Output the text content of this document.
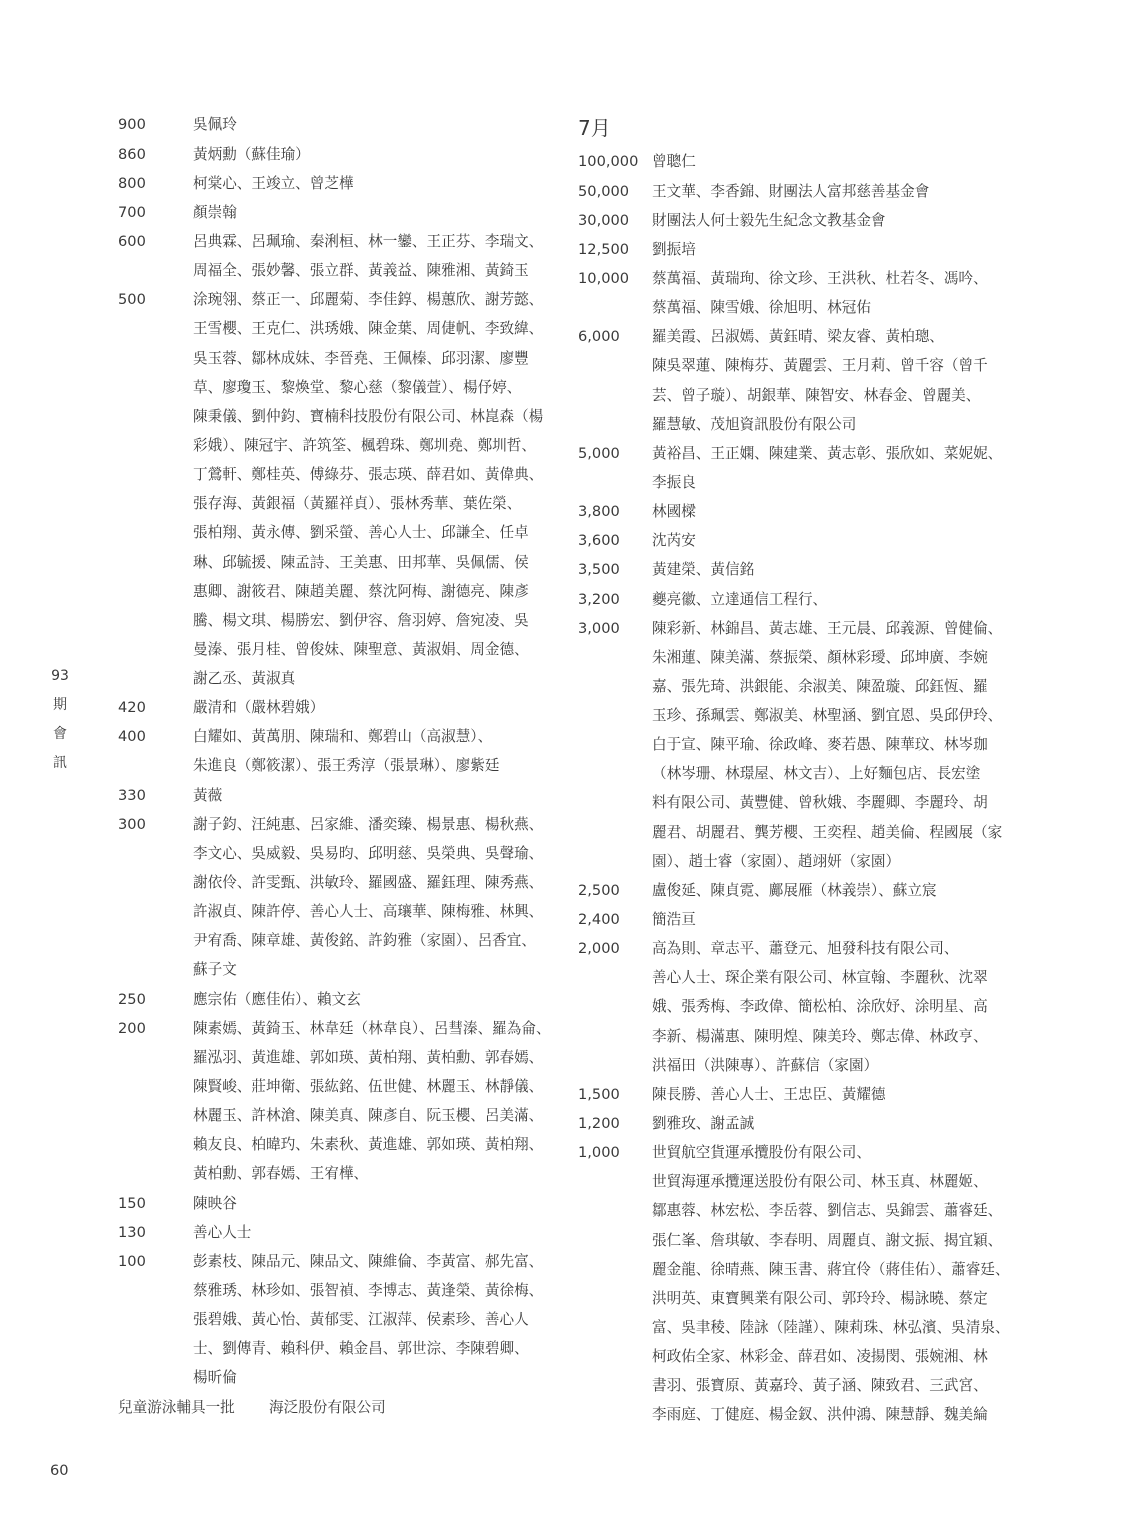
900	吳佩玲
860	黃炳勳（蘇佳瑜）
800	柯棠心、王竣立、曾芝樺
700	顏崇翰
600	呂典霖、呂珮瑜、秦浰桓、林一鑾、王正芬、李瑞文、
周福全、張妙馨、張立群、黃義益、陳雅湘、黃錡玉
500	涂琬翎、蔡正一、邱麗菊、李佳錞、楊蕙欣、謝芳懿、
王雪櫻、王克仁、洪琇娥、陳金葉、周倢帆、李致緯、
吳玉蓉、鄒林成妹、李晉堯、王佩榛、邱羽潔、廖豐
草、廖瓊玉、黎煥堂、黎心慈（黎儀萱）、楊伃婷、
陳秉儀、劉仲鈞、寶楠科技股份有限公司、林崑森（楊
彩娥）、陳冠宇、許筑筌、楓碧珠、鄭圳堯、鄭圳哲、
丁鶯軒、鄭桂英、傅綠芬、張志瑛、薛君如、黃偉典、
張存海、黃銀福（黃羅祥貞）、張林秀華、葉佐榮、
張柏翔、黃永傳、劉采螢、善心人士、邱謙全、任卓
琳、邱毓援、陳孟詩、王美惠、田邦華、吳佩儒、侯
惠卿、謝筱君、陳趙美麗、蔡沈阿梅、謝德亮、陳彥
騰、楊文琪、楊勝宏、劉伊容、詹羽婷、詹宛凌、吳
曼溱、張月桂、曾俊妹、陳聖意、黃淑娟、周金德、
謝乙丞、黃淑真
420	嚴清和（嚴林碧娥）
400	白耀如、黃萬朋、陳瑞和、鄭碧山（高淑慧）、
朱進良（鄭筱潔）、張王秀淳（張景琳）、廖紫廷
330	黃薇
300	謝子鈞、汪純惠、呂家維、潘奕臻、楊景惠、楊秋燕、
李文心、吳威毅、吳易昀、邱明慈、吳榮典、吳聲瑜、
謝依伶、許雯甄、洪敏玲、羅國盛、羅鈺理、陳秀燕、
許淑貞、陳許停、善心人士、高瓖華、陳梅雅、林興、
尹宥喬、陳章雄、黃俊銘、許鈞雅（家園）、呂香宜、
蘇子文
250	應宗佑（應佳佑）、賴文玄
200	陳素嫣、黃錡玉、林韋廷（林韋良）、呂彗溱、羅為侖、
羅泓羽、黃進雄、郭如瑛、黃柏翔、黃柏勳、郭春嫣、
陳賢峻、莊坤衛、張紘銘、伍世健、林麗玉、林靜儀、
林麗玉、許林滄、陳美真、陳彥自、阮玉櫻、呂美滿、
賴友良、柏暐玓、朱素秋、黃進雄、郭如瑛、黃柏翔、
黃柏勳、郭春嫣、王宥樺、
150	陳映谷
130	善心人士
100	彭素枝、陳品元、陳品文、陳維倫、李黃富、郝先富、
蔡雅琇、林珍如、張智禎、李博志、黃逢榮、黃徐梅、
張碧娥、黃心怡、黃郁雯、江淑萍、侯素珍、善心人
士、劉傳青、賴科伊、賴金昌、郭世淙、李陳碧卿、
楊昕倫
兒童游泳輔具一批 海泛股份有限公司
7月
100,000 曾聰仁
50,000 王文華、李香錦、財團法人富邦慈善基金會
30,000 財團法人何士毅先生紀念文教基金會
12,500 劉振培
10,000 蔡萬福、黃瑞珣、徐文珍、王洪秋、杜若冬、馮吟、
蔡萬福、陳雪娥、徐旭明、林冠佑
6,000 羅美霞、呂淑嫣、黃鈺晴、梁友睿、黃柏璁、
陳吳翠蓮、陳梅芬、黃麗雲、王月莉、曾千容（曾千
芸、曾子璇）、胡銀華、陳智安、林春金、曾麗美、
羅慧敏、茂旭資訊股份有限公司
5,000 黃裕昌、王正嫻、陳建業、黃志彰、張欣如、菜妮妮、
李振良
3,800 林國樑
3,600 沈芮安
3,500 黃建榮、黃信銘
3,200 夔亮徽、立達通信工程行、
3,000 陳彩新、林錦昌、黃志雄、王元晨、邱義源、曾健倫、
朱湘蓮、陳美滿、蔡振榮、顏林彩璦、邱坤廣、李婉
嘉、張先琦、洪銀能、余淑美、陳盈璇、邱鈺恆、羅
玉珍、孫珮雲、鄭淑美、林聖涵、劉宜恩、吳邱伊玲、
白于宣、陳平瑜、徐政峰、麥若愚、陳華玟、林岑珈
（林岑珊、林璟屋、林文吉）、上好麵包店、長宏塗
料有限公司、黃豐健、曾秋娥、李麗卿、李麗玲、胡
麗君、胡麗君、龔芳櫻、王奕程、趙美倫、程國展（家
園）、趙士睿（家園）、趙翊妍（家園）
2,500 盧俊延、陳貞霓、鄺展雁（林義崇）、蘇立宸
2,400 簡浩亘
2,000 高為則、章志平、蕭登元、旭發科技有限公司、
善心人士、琛企業有限公司、林宣翰、李麗秋、沈翠
娥、張秀梅、李政偉、簡松柏、涂欣妤、涂明星、高
李新、楊滿惠、陳明煌、陳美玲、鄭志偉、林政亨、
洪福田（洪陳專）、許蘇信（家園）
1,500 陳長勝、善心人士、王忠臣、黃耀德
1,200 劉雅玫、謝孟誠
1,000 世貿航空貨運承攬股份有限公司、
世貿海運承攬運送股份有限公司、林玉真、林麗姬、
鄒惠蓉、林宏松、李岳蓉、劉信志、吳錦雲、蕭睿廷、
張仁峯、詹琪敏、李春明、周麗貞、謝文振、揭宜穎、
麗金龍、徐晴燕、陳玉書、蔣宜伶（蔣佳佑）、蕭睿廷、
洪明英、東寶興業有限公司、郭玲玲、楊詠曉、蔡定
富、吳聿稜、陸詠（陸謹）、陳莉珠、林弘濱、吳清泉、
柯政佑全家、林彩金、薛君如、凌揚閔、張婉湘、林
書羽、張寶原、黃嘉玲、黃子涵、陳致君、三武宮、
李雨庭、丁健庭、楊金釵、洪仲鴻、陳慧靜、魏美綸
93
期
會
訊
60
